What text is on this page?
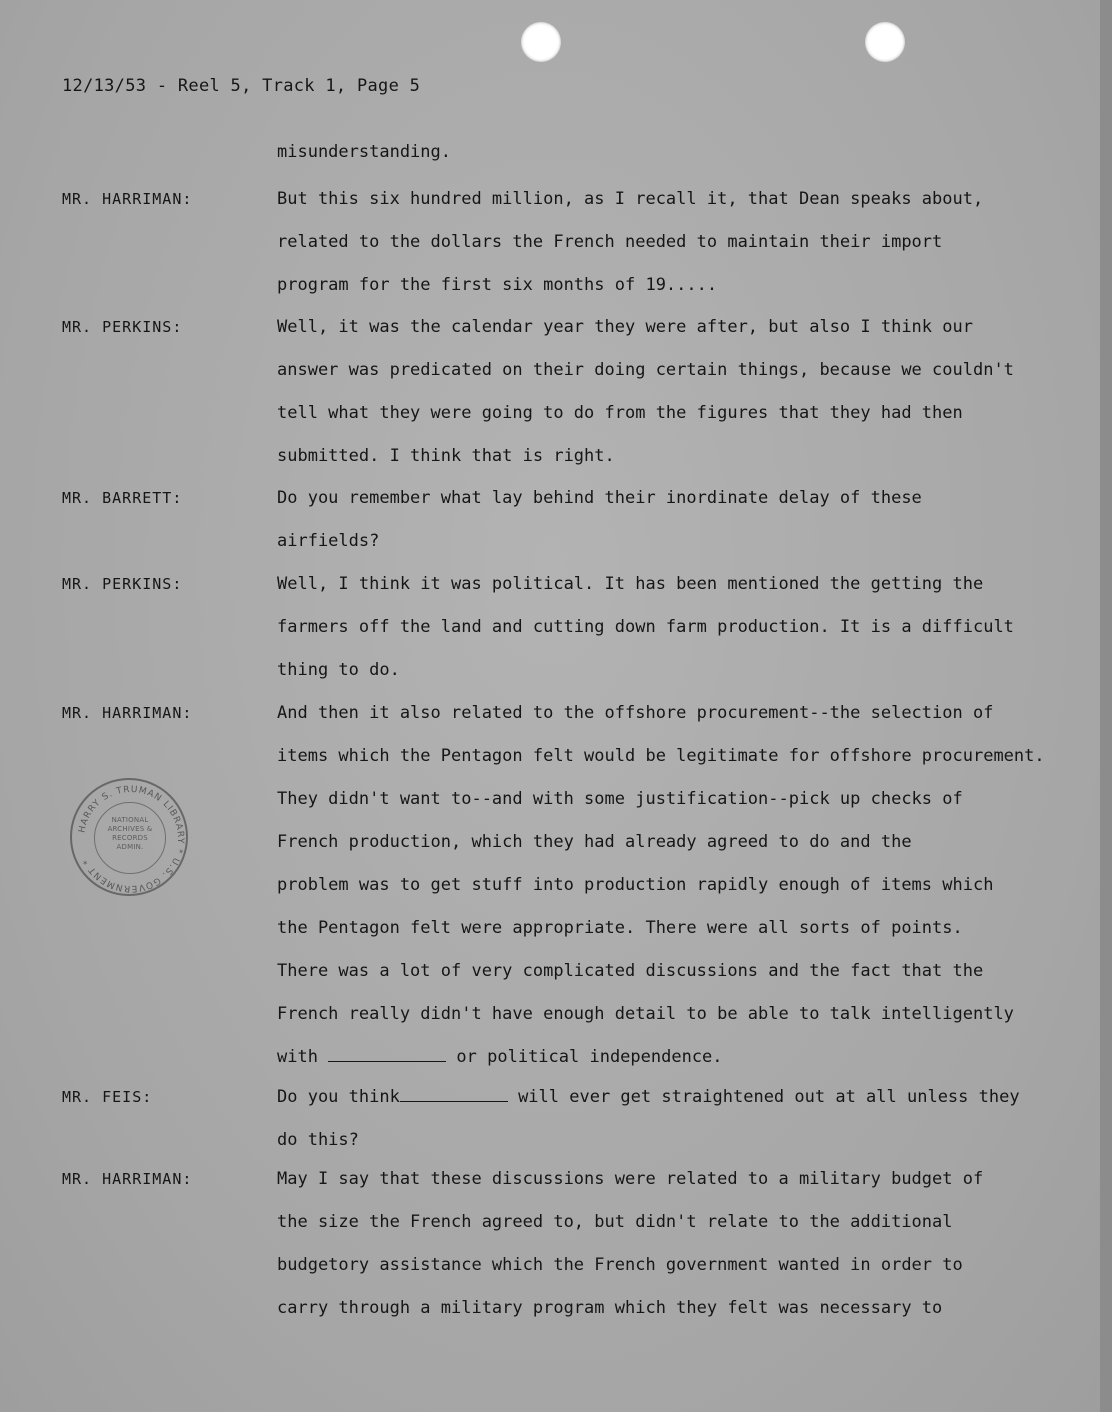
12/13/53 - Reel 5, Track 1, Page 5
misunderstanding.
MR. HARRIMAN:	But this six hundred million, as I recall it, that Dean speaks about,
related to the dollars the French needed to maintain their import
program for the first six months of 19.....
MR. PERKINS:	Well, it was the calendar year they were after, but also I think our
answer was predicated on their doing certain things, because we couldn't
tell what they were going to do from the figures that they had then
submitted. I think that is right.
MR. BARRETT:	Do you remember what lay behind their inordinate delay of these
airfields?
MR. PERKINS:	Well, I think it was political. It has been mentioned the getting the
farmers off the land and cutting down farm production. It is a difficult
thing to do.
MR. HARRIMAN:	And then it also related to the offshore procurement--the selection of
items which the Pentagon felt would be legitimate for offshore procurement.
They didn't want to--and with some justification--pick up checks of
French production, which they had already agreed to do and the
problem was to get stuff into production rapidly enough of items which
the Pentagon felt were appropriate. There were all sorts of points.
There was a lot of very complicated discussions and the fact that the
French really didn't have enough detail to be able to talk intelligently
with	or political independence.
MR. FEIS:	Do you think	will ever get straightened out at all unless they
do this?
MR. HARRIMAN:	May I say that these discussions were related to a military budget of
the size the French agreed to, but didn't relate to the additional
budgetory assistance which the French government wanted in order to
carry through a military program which they felt was necessary to
HARRY S. TRUMAN LIBRARY * U.S. GOVERNMENT *
NATIONAL
ARCHIVES &
RECORDS
ADMIN.
